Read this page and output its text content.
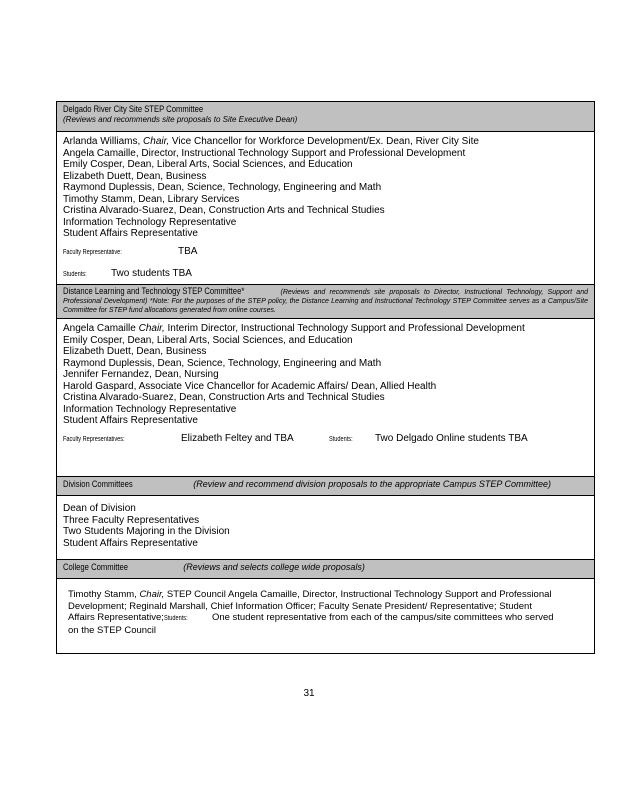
Delgado River City Site STEP Committee
(Reviews and recommends site proposals to Site Executive Dean)
Arlanda Williams, Chair, Vice Chancellor for Workforce Development/Ex. Dean, River City Site
Angela Camaille, Director, Instructional Technology Support and Professional Development
Emily Cosper, Dean, Liberal Arts, Social Sciences, and Education
Elizabeth Duett, Dean, Business
Raymond Duplessis, Dean, Science, Technology, Engineering and Math
Timothy Stamm, Dean, Library Services
Cristina Alvarado-Suarez, Dean, Construction Arts and Technical Studies
Information Technology Representative
Student Affairs Representative
Faculty Representative:	TBA
Students:	Two students TBA
Distance Learning and Technology STEP Committee*	(Reviews and recommends site proposals to Director, Instructional Technology, Support and Professional Development) *Note: For the purposes of the STEP policy, the Distance Learning and Instructional Technology STEP Committee serves as a Campus/Site Committee for STEP fund allocations generated from online courses.
Angela Camaille Chair, Interim Director, Instructional Technology Support and Professional Development
Emily Cosper, Dean, Liberal Arts, Social Sciences, and Education
Elizabeth Duett, Dean, Business
Raymond Duplessis, Dean, Science, Technology, Engineering and Math
Jennifer Fernandez, Dean, Nursing
Harold Gaspard, Associate Vice Chancellor for Academic Affairs/ Dean, Allied Health
Cristina Alvarado-Suarez, Dean, Construction Arts and Technical Studies
Information Technology Representative
Student Affairs Representative
Faculty Representatives:	Elizabeth Feltey and TBA	Students:	Two Delgado Online students TBA
Division Committees	(Review and recommend division proposals to the appropriate Campus STEP Committee)
Dean of Division
Three Faculty Representatives
Two Students Majoring in the Division
Student Affairs Representative
College Committee	(Reviews and selects college wide proposals)
Timothy Stamm, Chair, STEP Council Angela Camaille, Director, Instructional Technology Support and Professional
Development; Reginald Marshall, Chief Information Officer; Faculty Senate President/ Representative; Student
Affairs Representative;Students:	One student representative from each of the campus/site committees who served
on the STEP Council
31
